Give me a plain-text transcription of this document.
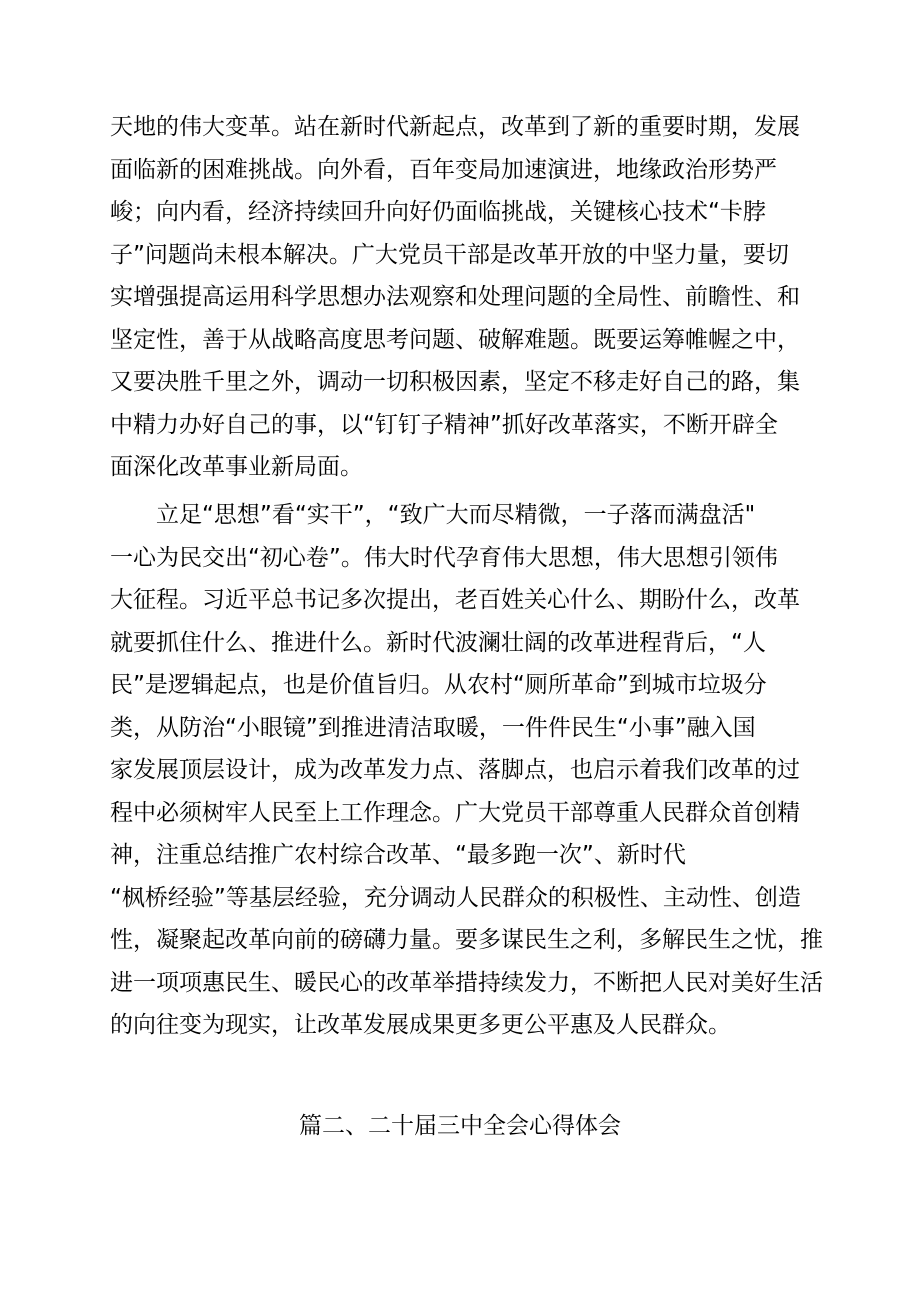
天地的伟大变革。站在新时代新起点，改革到了新的重要时期，发展
面临新的困难挑战。向外看，百年变局加速演进，地缘政治形势严
峻；向内看，经济持续回升向好仍面临挑战，关键核心技术“卡脖
子”问题尚未根本解决。广大党员干部是改革开放的中坚力量，要切
实增强提高运用科学思想办法观察和处理问题的全局性、前瞻性、和
坚定性，善于从战略高度思考问题、破解难题。既要运筹帷幄之中，
又要决胜千里之外，调动一切积极因素，坚定不移走好自己的路，集
中精力办好自己的事，以“钉钉子精神”抓好改革落实，不断开辟全
面深化改革事业新局面。
　　立足“思想”看“实干”，“致广大而尽精微，一子落而满盘活"
一心为民交出“初心卷”。伟大时代孕育伟大思想，伟大思想引领伟
大征程。习近平总书记多次提出，老百姓关心什么、期盼什么，改革
就要抓住什么、推进什么。新时代波澜壮阔的改革进程背后，“人
民”是逻辑起点，也是价值旨归。从农村“厕所革命”到城市垃圾分
类，从防治“小眼镜”到推进清洁取暖，一件件民生“小事”融入国
家发展顶层设计，成为改革发力点、落脚点，也启示着我们改革的过
程中必须树牢人民至上工作理念。广大党员干部尊重人民群众首创精
神，注重总结推广农村综合改革、“最多跑一次”、新时代
“枫桥经验”等基层经验，充分调动人民群众的积极性、主动性、创造
性，凝聚起改革向前的磅礴力量。要多谋民生之利，多解民生之忧，推
进一项项惠民生、暖民心的改革举措持续发力，不断把人民对美好生活
的向往变为现实，让改革发展成果更多更公平惠及人民群众。
篇二、二十届三中全会心得体会
